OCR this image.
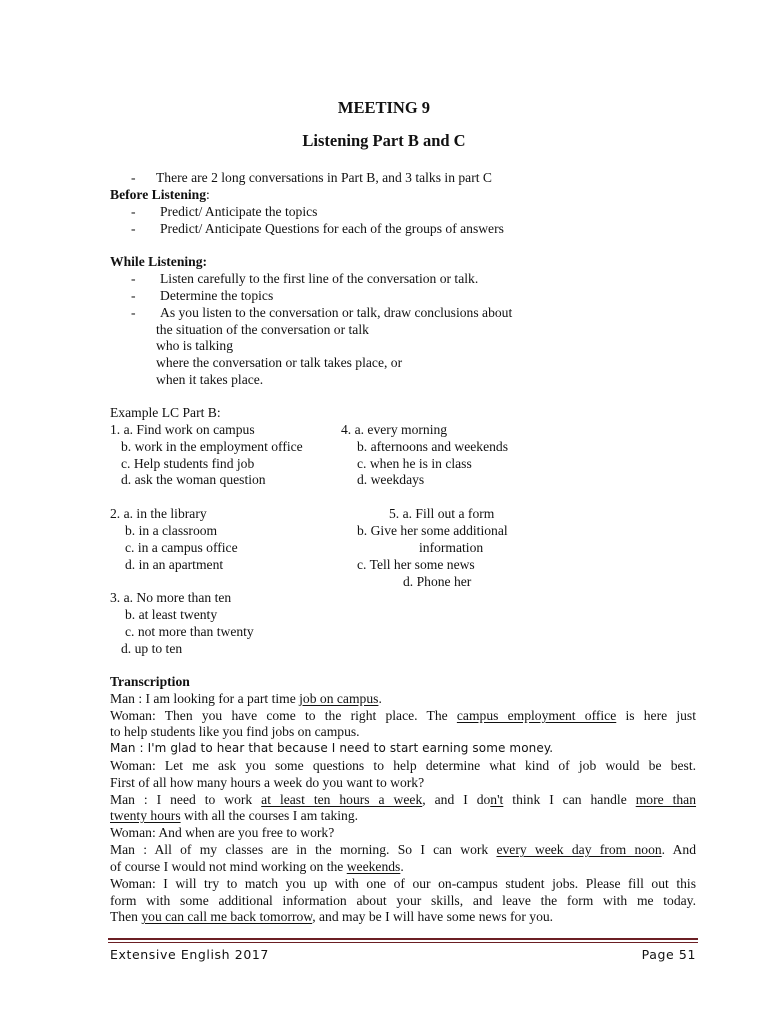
MEETING 9
Listening Part B and C
- There are 2 long conversations in Part B, and 3 talks in part C
Before Listening:
- Predict/ Anticipate the topics
- Predict/ Anticipate Questions for each of the groups of answers
While Listening:
- Listen carefully to the first line of the conversation or talk.
- Determine the topics
- As you listen to the conversation or talk, draw conclusions about
the situation of the conversation or talk
who is talking
where the conversation or talk takes place, or
when it takes place.
Example LC Part B:
1. a. Find work on campus
b. work in the employment office
c. Help students find job
d. ask the woman question
4. a. every morning
b. afternoons and weekends
c. when he is in class
d. weekdays
2. a. in the library
b. in a classroom
c. in a campus office
d. in an apartment
5. a. Fill out a form
b. Give her some additional
information
c. Tell her some news
d. Phone her
3. a. No more than ten
b. at least twenty
c. not more than twenty
d. up to ten
Transcription
Man : I am looking for a part time job on campus.
Woman: Then you have come to the right place. The campus employment office is here just
to help students like you find jobs on campus.
Man : I'm glad to hear that because I need to start earning some money.
Woman: Let me ask you some questions to help determine what kind of job would be best.
First of all how many hours a week do you want to work?
Man : I need to work at least ten hours a week, and I don't think I can handle more than
twenty hours with all the courses I am taking.
Woman: And when are you free to work?
Man : All of my classes are in the morning. So I can work every week day from noon. And
of course I would not mind working on the weekends.
Woman: I will try to match you up with one of our on-campus student jobs. Please fill out this
form with some additional information about your skills, and leave the form with me today.
Then you can call me back tomorrow, and may be I will have some news for you.
Extensive English 2017	Page 51
